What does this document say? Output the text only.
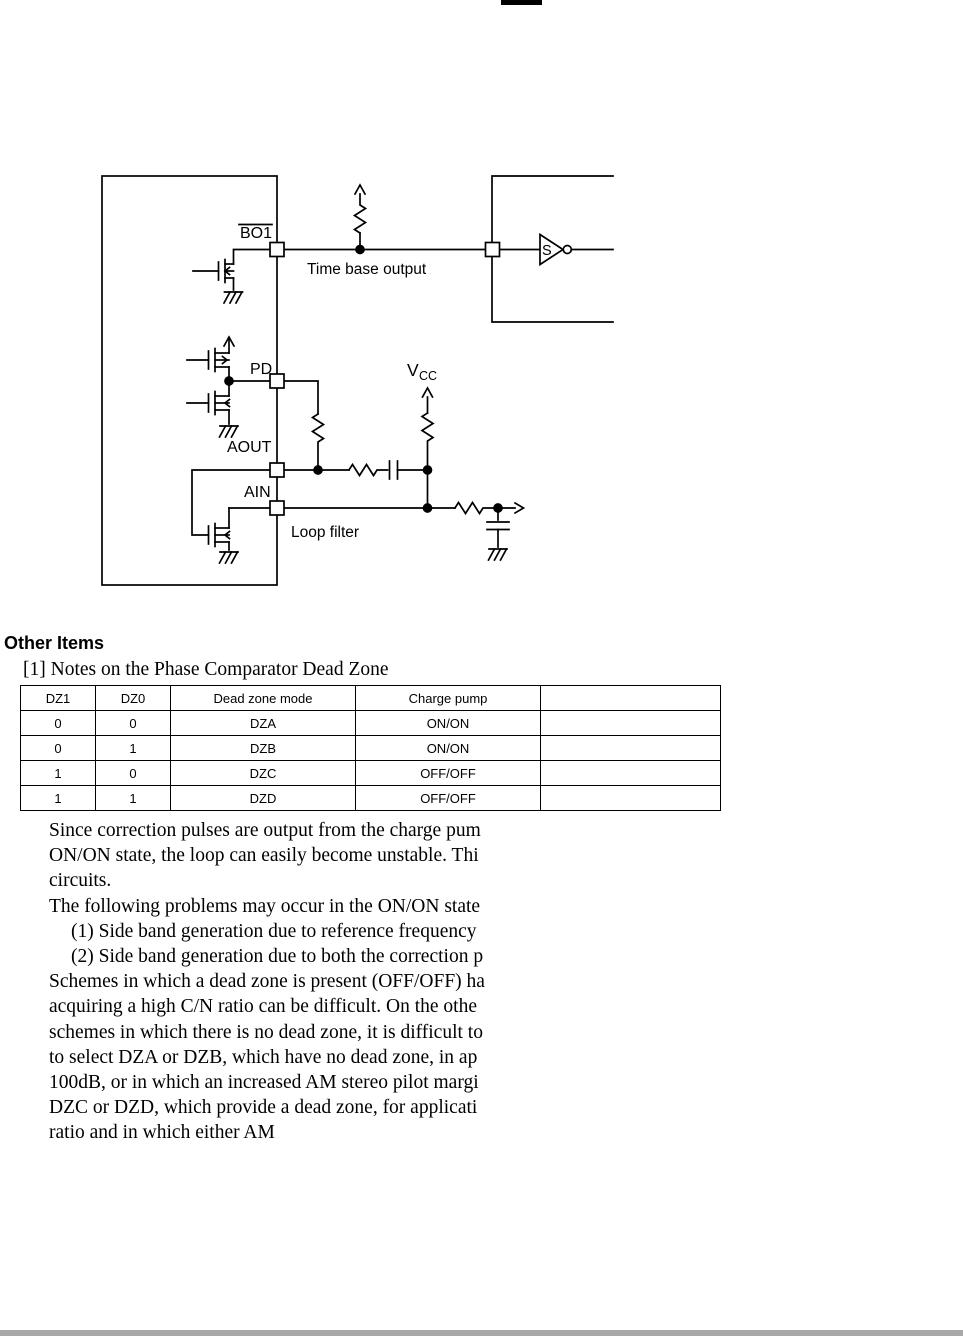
BO1
Time base output
PD
AOUT
AIN
Loop filter
V CC
S
Other Items
[1] Notes on the Phase Comparator Dead Zone
DZ1	DZ0	Dead zone mode	Charge pump	
0	0	DZA	ON/ON	
0	1	DZB	ON/ON	
1	0	DZC	OFF/OFF	
1	1	DZD	OFF/OFF	
Since correction pulses are output from the charge pum
ON/ON state, the loop can easily become unstable. Thi
circuits.
The following problems may occur in the ON/ON state
(1) Side band generation due to reference frequency
(2) Side band generation due to both the correction p
Schemes in which a dead zone is present (OFF/OFF) ha
acquiring a high C/N ratio can be difficult. On the othe
schemes in which there is no dead zone, it is difficult to
to select DZA or DZB, which have no dead zone, in ap
100dB, or in which an increased AM stereo pilot margi
DZC or DZD, which provide a dead zone, for applicati
ratio and in which either AM
